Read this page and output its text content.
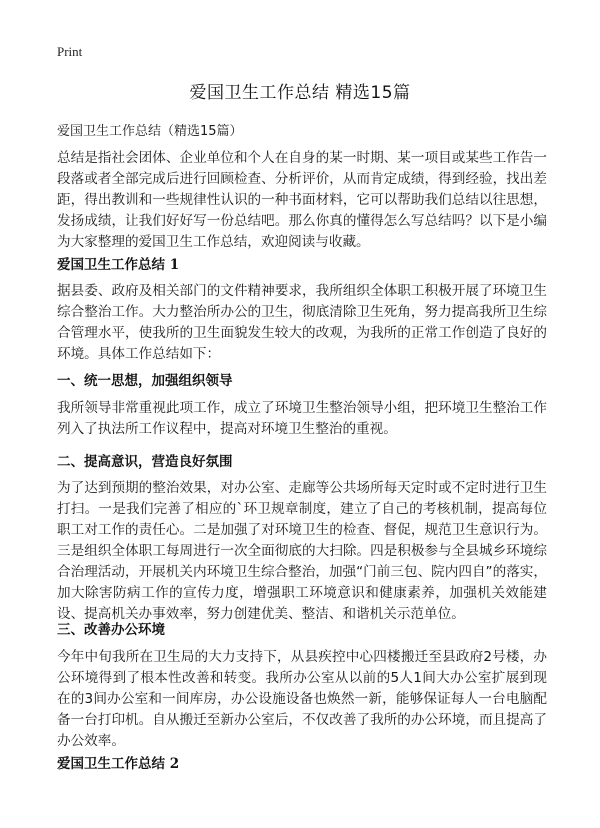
Print
爱国卫生工作总结 精选15篇
爱国卫生工作总结（精选15篇）
总结是指社会团体、企业单位和个人在自身的某一时期、某一项目或某些工作告一段落或者全部完成后进行回顾检查、分析评价，从而肯定成绩，得到经验，找出差距，得出教训和一些规律性认识的一种书面材料，它可以帮助我们总结以往思想，发扬成绩，让我们好好写一份总结吧。那么你真的懂得怎么写总结吗？以下是小编为大家整理的爱国卫生工作总结，欢迎阅读与收藏。
爱国卫生工作总结 1
据县委、政府及相关部门的文件精神要求，我所组织全体职工积极开展了环境卫生综合整治工作。大力整治所办公的卫生，彻底清除卫生死角，努力提高我所卫生综合管理水平，使我所的卫生面貌发生较大的改观，为我所的正常工作创造了良好的环境。具体工作总结如下：
一、统一思想，加强组织领导
我所领导非常重视此项工作，成立了环境卫生整治领导小组，把环境卫生整治工作列入了执法所工作议程中，提高对环境卫生整治的重视。
二、提高意识，营造良好氛围
为了达到预期的整治效果，对办公室、走廊等公共场所每天定时或不定时进行卫生打扫。一是我们完善了相应的`环卫规章制度，建立了自己的考核机制，提高每位职工对工作的责任心。二是加强了对环境卫生的检查、督促，规范卫生意识行为。三是组织全体职工每周进行一次全面彻底的大扫除。四是积极参与全县城乡环境综合治理活动，开展机关内环境卫生综合整治，加强“门前三包、院内四自”的落实，加大除害防病工作的宣传力度，增强职工环境意识和健康素养，加强机关效能建设、提高机关办事效率，努力创建优美、整洁、和谐机关示范单位。
三、改善办公环境
今年中旬我所在卫生局的大力支持下，从县疾控中心四楼搬迁至县政府2号楼，办公环境得到了根本性改善和转变。我所办公室从以前的5人1间大办公室扩展到现在的3间办公室和一间库房，办公设施设备也焕然一新，能够保证每人一台电脑配备一台打印机。自从搬迁至新办公室后，不仅改善了我所的办公环境，而且提高了办公效率。
爱国卫生工作总结 2
